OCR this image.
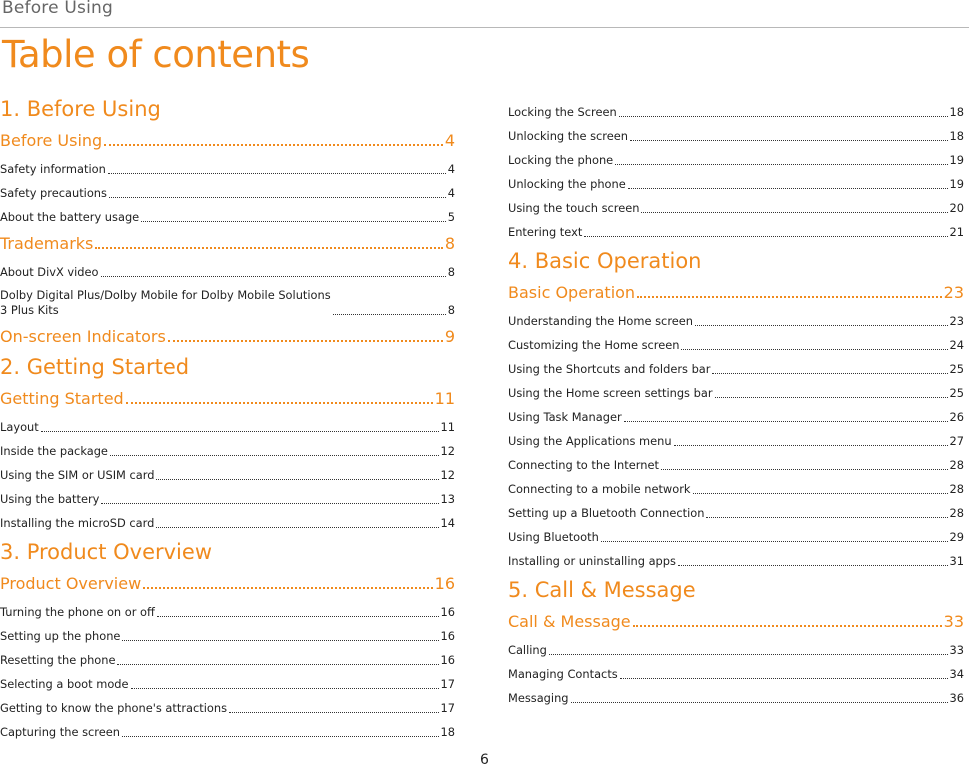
Before Using
Table of contents
1. Before Using
Before Using	4
Safety information	4
Safety precautions	4
About the battery usage	5
Trademarks	8
About DivX video	8
Dolby Digital Plus/Dolby Mobile for Dolby Mobile Solutions
3 Plus Kits	8
On-screen Indicators	9
2. Getting Started
Getting Started	11
Layout	11
Inside the package	12
Using the SIM or USIM card	12
Using the battery	13
Installing the microSD card	14
3. Product Overview
Product Overview	16
Turning the phone on or off	16
Setting up the phone	16
Resetting the phone	16
Selecting a boot mode	17
Getting to know the phone's attractions	17
Capturing the screen	18
Locking the Screen	18
Unlocking the screen	18
Locking the phone	19
Unlocking the phone	19
Using the touch screen	20
Entering text	21
4. Basic Operation
Basic Operation	23
Understanding the Home screen	23
Customizing the Home screen	24
Using the Shortcuts and folders bar	25
Using the Home screen settings bar	25
Using Task Manager	26
Using the Applications menu	27
Connecting to the Internet	28
Connecting to a mobile network	28
Setting up a Bluetooth Connection	28
Using Bluetooth	29
Installing or uninstalling apps	31
5. Call & Message
Call & Message	33
Calling	33
Managing Contacts	34
Messaging	36
6
